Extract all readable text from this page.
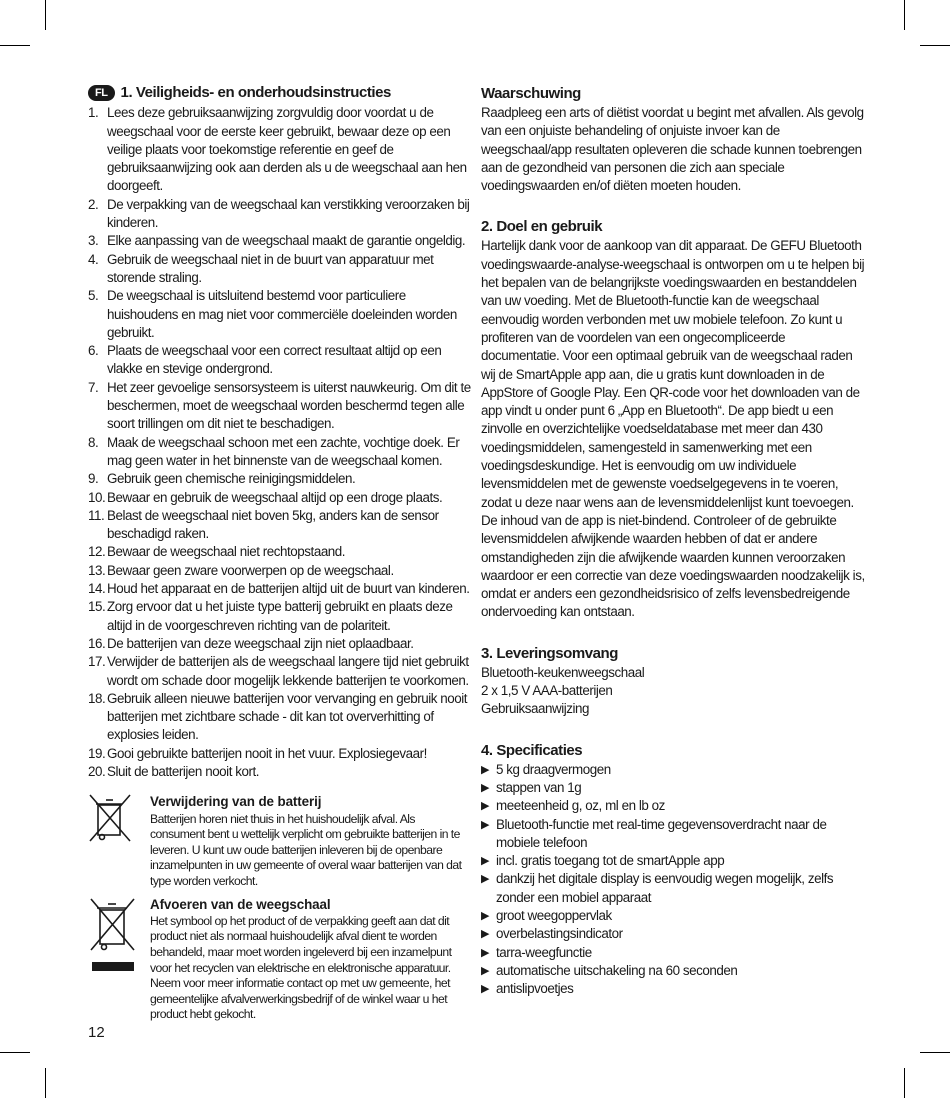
FL 1. Veiligheids- en onderhoudsinstructies
1. Lees deze gebruiksaanwijzing zorgvuldig door voordat u de weegschaal voor de eerste keer gebruikt, bewaar deze op een veilige plaats voor toekomstige referentie en geef de gebruiksaanwijzing ook aan derden als u de weegschaal aan hen doorgeeft.
2. De verpakking van de weegschaal kan verstikking veroorzaken bij kinderen.
3. Elke aanpassing van de weegschaal maakt de garantie ongeldig.
4. Gebruik de weegschaal niet in de buurt van apparatuur met storende straling.
5. De weegschaal is uitsluitend bestemd voor particuliere huishoudens en mag niet voor commerciële doeleinden worden gebruikt.
6. Plaats de weegschaal voor een correct resultaat altijd op een vlakke en stevige ondergrond.
7. Het zeer gevoelige sensorsysteem is uiterst nauwkeurig. Om dit te beschermen, moet de weegschaal worden beschermd tegen alle soort trillingen om dit niet te beschadigen.
8. Maak de weegschaal schoon met een zachte, vochtige doek. Er mag geen water in het binnenste van de weegschaal komen.
9. Gebruik geen chemische reinigingsmiddelen.
10. Bewaar en gebruik de weegschaal altijd op een droge plaats.
11. Belast de weegschaal niet boven 5kg, anders kan de sensor beschadigd raken.
12. Bewaar de weegschaal niet rechtopstaand.
13. Bewaar geen zware voorwerpen op de weegschaal.
14. Houd het apparaat en de batterijen altijd uit de buurt van kinderen.
15. Zorg ervoor dat u het juiste type batterij gebruikt en plaats deze altijd in de voorgeschreven richting van de polariteit.
16. De batterijen van deze weegschaal zijn niet oplaadbaar.
17. Verwijder de batterijen als de weegschaal langere tijd niet gebruikt wordt om schade door mogelijk lekkende batterijen te voorkomen.
18. Gebruik alleen nieuwe batterijen voor vervanging en gebruik nooit batterijen met zichtbare schade - dit kan tot oververhitting of explosies leiden.
19. Gooi gebruikte batterijen nooit in het vuur. Explosiegevaar!
20. Sluit de batterijen nooit kort.
Verwijdering van de batterij
Batterijen horen niet thuis in het huishoudelijk afval. Als consument bent u wettelijk verplicht om gebruikte batterijen in te leveren. U kunt uw oude batterijen inleveren bij de openbare inzamelpunten in uw gemeente of overal waar batterijen van dat type worden verkocht.
Afvoeren van de weegschaal
Het symbool op het product of de verpakking geeft aan dat dit product niet als normaal huishoudelijk afval dient te worden behandeld, maar moet worden ingeleverd bij een inzamelpunt voor het recyclen van elektrische en elektronische apparatuur. Neem voor meer informatie contact op met uw gemeente, het gemeentelijke afvalverwerkingsbedrijf of de winkel waar u het product hebt gekocht.
Waarschuwing

Raadpleeg een arts of diëtist voordat u begint met afvallen. Als gevolg van een onjuiste behandeling of onjuiste invoer kan de weegschaal/app resultaten opleveren die schade kunnen toebrengen aan de gezondheid van personen die zich aan speciale voedingswaarden en/of diëten moeten houden.

2. Doel en gebruik

Hartelijk dank voor de aankoop van dit apparaat. De GEFU Bluetooth voedingswaarde-analyse-weegschaal is ontworpen om u te helpen bij het bepalen van de belangrijkste voedingswaarden en bestanddelen van uw voeding. Met de Bluetooth-functie kan de weegschaal eenvoudig worden verbonden met uw mobiele telefoon. Zo kunt u profiteren van de voordelen van een ongecompliceerde documentatie. Voor een optimaal gebruik van de weegschaal raden wij de SmartApple app aan, die u gratis kunt downloaden in de AppStore of Google Play. Een QR-code voor het downloaden van de app vindt u onder punt 6 „App en Bluetooth“. De app biedt u een zinvolle en overzichtelijke voedseldatabase met meer dan 430 voedingsmiddelen, samengesteld in samenwerking met een voedingsdeskundige. Het is eenvoudig om uw individuele levensmiddelen met de gewenste voedselgegevens in te voeren, zodat u deze naar wens aan de levensmiddelenlijst kunt toevoegen. De inhoud van de app is niet-bindend. Controleer of de gebruikte levensmiddelen afwijkende waarden hebben of dat er andere omstandigheden zijn die afwijkende waarden kunnen veroorzaken waardoor er een correctie van deze voedingswaarden noodzakelijk is, omdat er anders een gezondheidsrisico of zelfs levensbedreigende ondervoeding kan ontstaan.

3. Leveringsomvang
Bluetooth-keukenweegschaal
2 x 1,5 V AAA-batterijen
Gebruiksaanwijzing
4. Specificaties
▶ 5 kg draagvermogen
▶ stappen van 1g
▶ meeteenheid g, oz, ml en lb oz
▶ Bluetooth-functie met real-time gegevensoverdracht naar de mobiele telefoon
▶ incl. gratis toegang tot de smartApple app
▶ dankzij het digitale display is eenvoudig wegen mogelijk, zelfs zonder een mobiel apparaat
▶ groot weegoppervlak
▶ overbelastingsindicator
▶ tarra-weegfunctie
▶ automatische uitschakeling na 60 seconden
▶ antislipvoetjes
12
